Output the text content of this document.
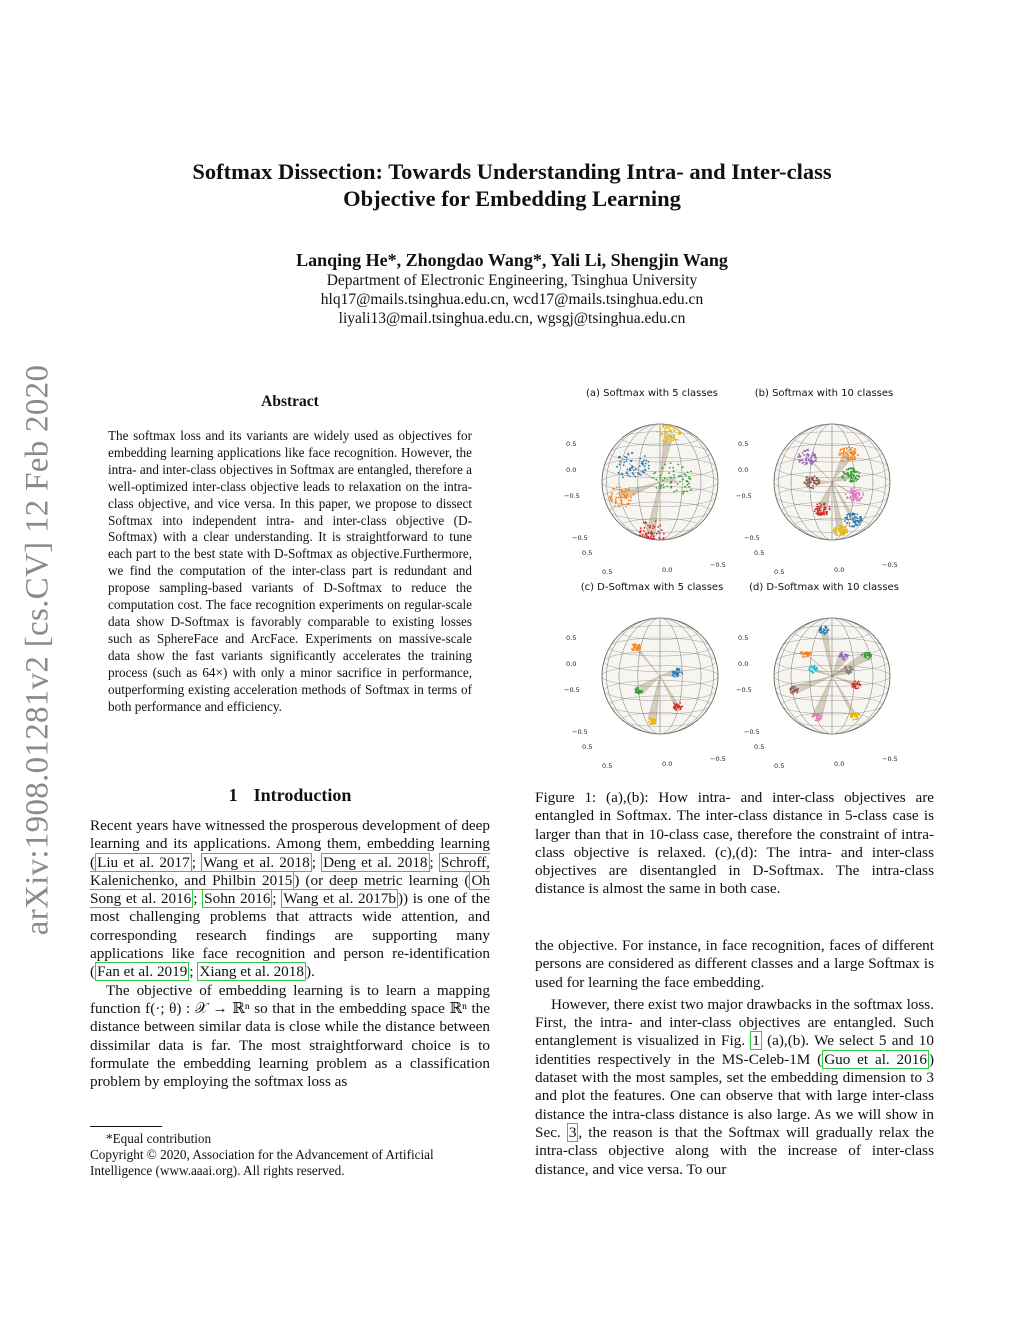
arXiv:1908.01281v2 [cs.CV] 12 Feb 2020
Softmax Dissection: Towards Understanding Intra- and Inter-class
Objective for Embedding Learning
Lanqing He*, Zhongdao Wang*, Yali Li, Shengjin Wang
Department of Electronic Engineering, Tsinghua University
hlq17@mails.tsinghua.edu.cn, wcd17@mails.tsinghua.edu.cn
liyali13@mail.tsinghua.edu.cn, wgsgj@tsinghua.edu.cn
Abstract
The softmax loss and its variants are widely used as objectives for embedding learning applications like face recognition. However, the intra- and inter-class objectives in Softmax are entangled, therefore a well-optimized inter-class objective leads to relaxation on the intra-class objective, and vice versa. In this paper, we propose to dissect Softmax into independent intra- and inter-class objective (D-Softmax) with a clear understanding. It is straightforward to tune each part to the best state with D-Softmax as objective.Furthermore, we find the computation of the inter-class part is redundant and propose sampling-based variants of D-Softmax to reduce the computation cost. The face recognition experiments on regular-scale data show D-Softmax is favorably comparable to existing losses such as SphereFace and ArcFace. Experiments on massive-scale data show the fast variants significantly accelerates the training process (such as 64×) with only a minor sacrifice in performance, outperforming existing acceleration methods of Softmax in terms of both performance and efficiency.
1 Introduction

Recent years have witnessed the prosperous development of deep learning and its applications. Among them, embedding learning ( Liu et al. 2017 ; Wang et al. 2018 ; Deng et al. 2018 ; Schroff, Kalenichenko, and Philbin 2015 ) (or deep metric learning ( Oh Song et al. 2016 ; Sohn 2016 ; Wang et al. 2017b )) is one of the most challenging problems that attracts wide attention, and corresponding research findings are supporting many applications like face recognition and person re-identification ( Fan et al. 2019 ; Xiang et al. 2018 ).

The objective of embedding learning is to learn a mapping function f(·; θ) : 𝒳 → ℝⁿ so that in the embedding space ℝⁿ the distance between similar data is close while the distance between dissimilar data is far. The most straightforward choice is to formulate the embedding learning problem as a classification problem by employing the softmax loss as

*Equal contribution
Copyright © 2020, Association for the Advancement of Artificial Intelligence (www.aaai.org). All rights reserved.
(a) Softmax with 5 classes
0.5
0.0
−0.5
−0.5
0.5
0.5	0.0
−0.5
(b) Softmax with 10 classes
0.5
0.0
−0.5
−0.5
0.5
0.5	0.0
−0.5
(c) D-Softmax with 5 classes
0.5
0.0
−0.5
−0.5
0.5
0.5	0.0
−0.5
(d) D-Softmax with 10 classes
0.5
0.0
−0.5
−0.5
0.5
0.5	0.0
−0.5
Figure 1: (a),(b): How intra- and inter-class objectives are entangled in Softmax. The inter-class distance in 5-class case is larger than that in 10-class case, therefore the constraint of intra-class objective is relaxed. (c),(d): The intra- and inter-class objectives are disentangled in D-Softmax. The intra-class distance is almost the same in both case.

the objective. For instance, in face recognition, faces of different persons are considered as different classes and a large Softmax is used for learning the face embedding.

However, there exist two major drawbacks in the softmax loss. First, the intra- and inter-class objectives are entangled. Such entanglement is visualized in Fig. 1 (a),(b). We select 5 and 10 identities respectively in the MS-Celeb-1M ( Guo et al. 2016 ) dataset with the most samples, set the embedding dimension to 3 and plot the features. One can observe that with large inter-class distance the intra-class distance is also large. As we will show in Sec. 3 , the reason is that the Softmax will gradually relax the intra-class objective along with the increase of inter-class distance, and vice versa. To our
